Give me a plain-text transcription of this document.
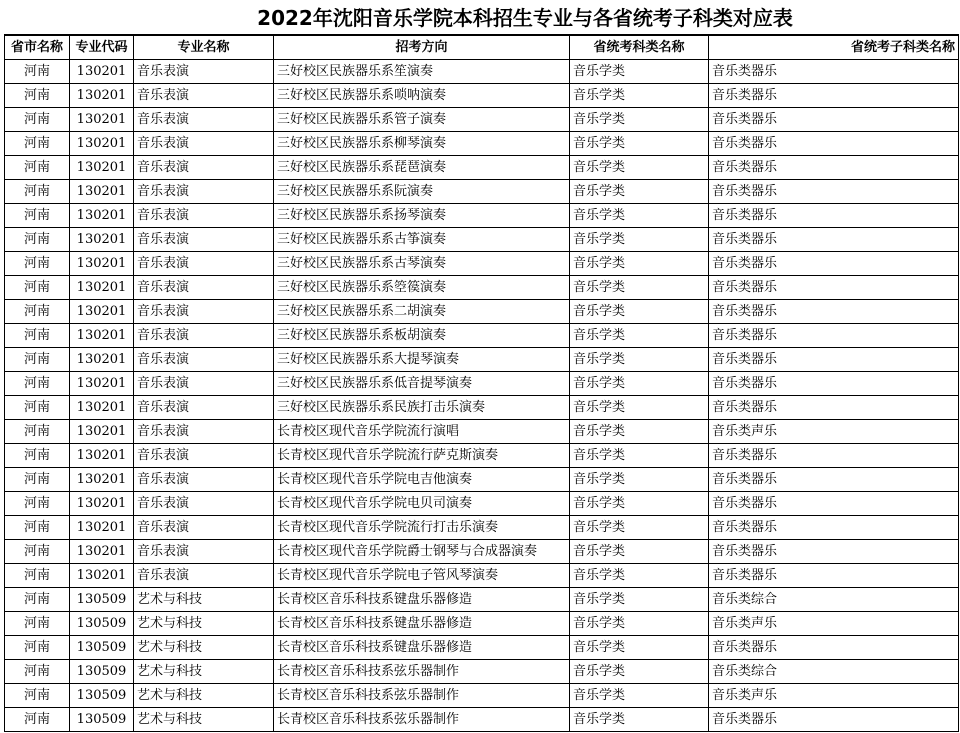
2022年沈阳音乐学院本科招生专业与各省统考子科类对应表
省市名称	专业代码	专业名称	招考方向	省统考科类名称	省统考子科类名称
河南	130201	音乐表演	三好校区民族器乐系笙演奏	音乐学类	音乐类器乐
河南	130201	音乐表演	三好校区民族器乐系唢呐演奏	音乐学类	音乐类器乐
河南	130201	音乐表演	三好校区民族器乐系管子演奏	音乐学类	音乐类器乐
河南	130201	音乐表演	三好校区民族器乐系柳琴演奏	音乐学类	音乐类器乐
河南	130201	音乐表演	三好校区民族器乐系琵琶演奏	音乐学类	音乐类器乐
河南	130201	音乐表演	三好校区民族器乐系阮演奏	音乐学类	音乐类器乐
河南	130201	音乐表演	三好校区民族器乐系扬琴演奏	音乐学类	音乐类器乐
河南	130201	音乐表演	三好校区民族器乐系古筝演奏	音乐学类	音乐类器乐
河南	130201	音乐表演	三好校区民族器乐系古琴演奏	音乐学类	音乐类器乐
河南	130201	音乐表演	三好校区民族器乐系箜篌演奏	音乐学类	音乐类器乐
河南	130201	音乐表演	三好校区民族器乐系二胡演奏	音乐学类	音乐类器乐
河南	130201	音乐表演	三好校区民族器乐系板胡演奏	音乐学类	音乐类器乐
河南	130201	音乐表演	三好校区民族器乐系大提琴演奏	音乐学类	音乐类器乐
河南	130201	音乐表演	三好校区民族器乐系低音提琴演奏	音乐学类	音乐类器乐
河南	130201	音乐表演	三好校区民族器乐系民族打击乐演奏	音乐学类	音乐类器乐
河南	130201	音乐表演	长青校区现代音乐学院流行演唱	音乐学类	音乐类声乐
河南	130201	音乐表演	长青校区现代音乐学院流行萨克斯演奏	音乐学类	音乐类器乐
河南	130201	音乐表演	长青校区现代音乐学院电吉他演奏	音乐学类	音乐类器乐
河南	130201	音乐表演	长青校区现代音乐学院电贝司演奏	音乐学类	音乐类器乐
河南	130201	音乐表演	长青校区现代音乐学院流行打击乐演奏	音乐学类	音乐类器乐
河南	130201	音乐表演	长青校区现代音乐学院爵士钢琴与合成器演奏	音乐学类	音乐类器乐
河南	130201	音乐表演	长青校区现代音乐学院电子管风琴演奏	音乐学类	音乐类器乐
河南	130509	艺术与科技	长青校区音乐科技系键盘乐器修造	音乐学类	音乐类综合
河南	130509	艺术与科技	长青校区音乐科技系键盘乐器修造	音乐学类	音乐类声乐
河南	130509	艺术与科技	长青校区音乐科技系键盘乐器修造	音乐学类	音乐类器乐
河南	130509	艺术与科技	长青校区音乐科技系弦乐器制作	音乐学类	音乐类综合
河南	130509	艺术与科技	长青校区音乐科技系弦乐器制作	音乐学类	音乐类声乐
河南	130509	艺术与科技	长青校区音乐科技系弦乐器制作	音乐学类	音乐类器乐
